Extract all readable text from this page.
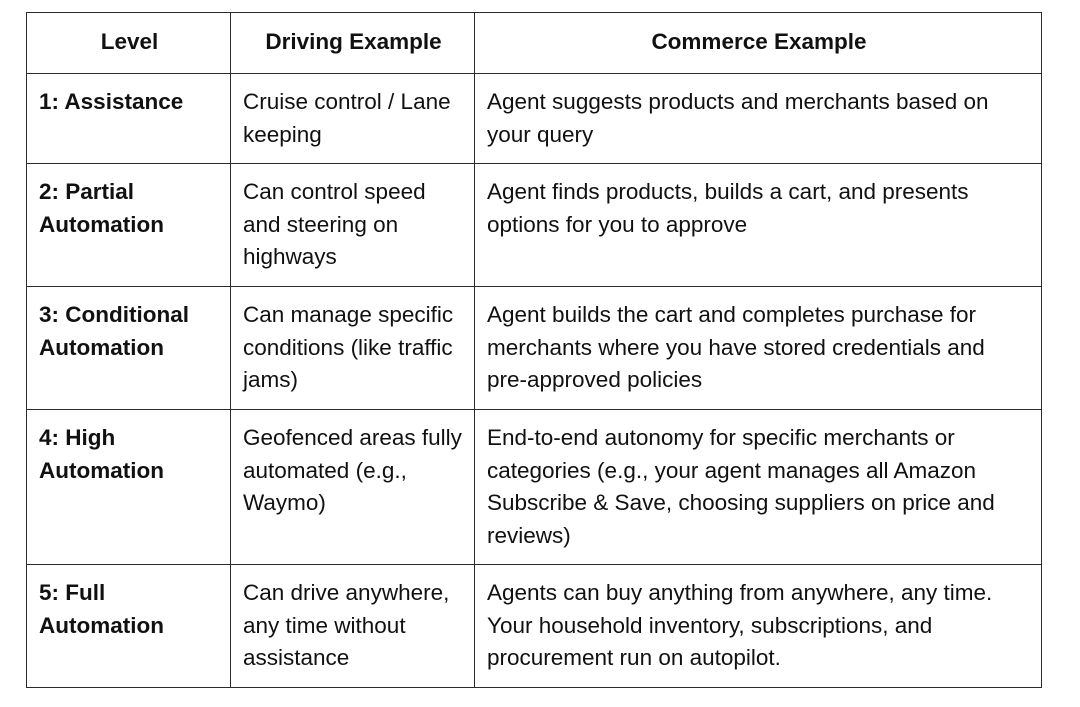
Level	Driving Example	Commerce Example
1: Assistance	Cruise control / Lane keeping	Agent suggests products and merchants based on your query
2: Partial Automation	Can control speed and steering on highways	Agent finds products, builds a cart, and presents options for you to approve
3: Conditional Automation	Can manage specific conditions (like traffic jams)	Agent builds the cart and completes purchase for merchants where you have stored credentials and pre-approved policies
4: High Automation	Geofenced areas fully automated (e.g., Waymo)	End-to-end autonomy for specific merchants or categories (e.g., your agent manages all Amazon Subscribe & Save, choosing suppliers on price and reviews)
5: Full Automation	Can drive anywhere, any time without assistance	Agents can buy anything from anywhere, any time. Your household inventory, subscriptions, and procurement run on autopilot.
